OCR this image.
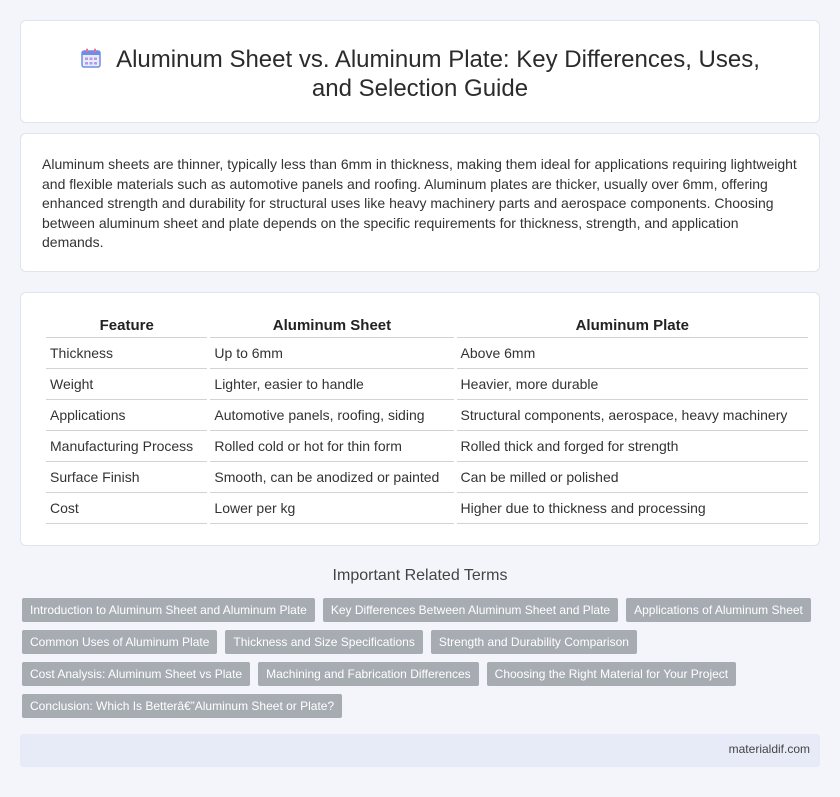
Aluminum Sheet vs. Aluminum Plate: Key Differences, Uses, and Selection Guide

Aluminum sheets are thinner, typically less than 6mm in thickness, making them ideal for applications requiring lightweight and flexible materials such as automotive panels and roofing. Aluminum plates are thicker, usually over 6mm, offering enhanced strength and durability for structural uses like heavy machinery parts and aerospace components. Choosing between aluminum sheet and plate depends on the specific requirements for thickness, strength, and application demands.

Feature	Aluminum Sheet	Aluminum Plate
Thickness	Up to 6mm	Above 6mm
Weight	Lighter, easier to handle	Heavier, more durable
Applications	Automotive panels, roofing, siding	Structural components, aerospace, heavy machinery
Manufacturing Process	Rolled cold or hot for thin form	Rolled thick and forged for strength
Surface Finish	Smooth, can be anodized or painted	Can be milled or polished
Cost	Lower per kg	Higher due to thickness and processing
Important Related Terms
Introduction to Aluminum Sheet and Aluminum Plate	Key Differences Between Aluminum Sheet and Plate	Applications of Aluminum Sheet
Common Uses of Aluminum Plate	Thickness and Size Specifications	Strength and Durability Comparison
Cost Analysis: Aluminum Sheet vs Plate	Machining and Fabrication Differences	Choosing the Right Material for Your Project
Conclusion: Which Is Betterâ€”Aluminum Sheet or Plate?
materialdif.com
